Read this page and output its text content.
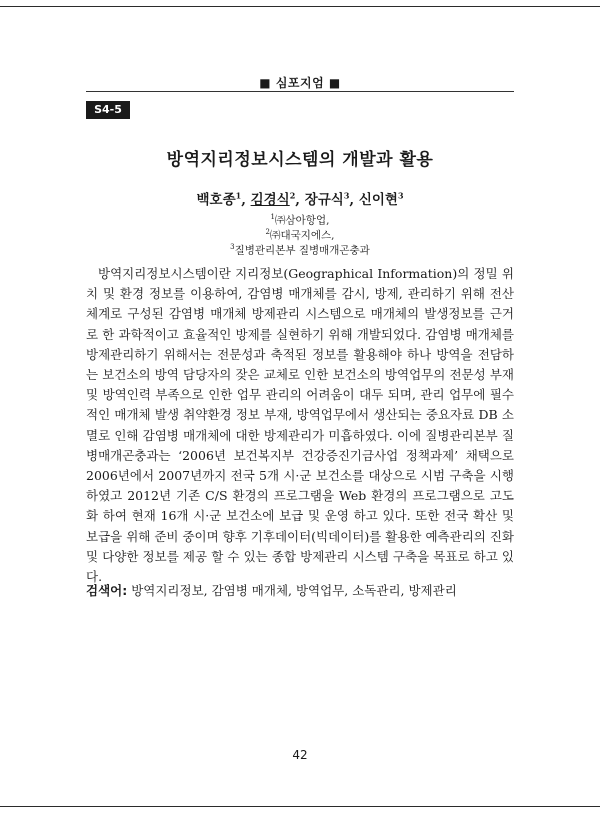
■ 심포지엄 ■
S4-5
방역지리정보시스템의 개발과 활용
백호종$^1$, 김경식$^2$, 장규식$^3$, 신이현$^3$
$^1$㈜삼아항업,
$^2$㈜대국지에스,
$^3$질병관리본부 질병매개곤충과
방역지리정보시스템이란 지리정보(Geographical Information)의 정밀 위치 및 환경 정보를 이용하여, 감염병 매개체를 감시, 방제, 관리하기 위해 전산체계로 구성된 감염병 매개체 방제관리 시스템으로 매개체의 발생정보를 근거로 한 과학적이고 효율적인 방제를 실현하기 위해 개발되었다. 감염병 매개체를 방제관리하기 위해서는 전문성과 축적된 정보를 활용해야 하나 방역을 전담하는 보건소의 방역 담당자의 잦은 교체로 인한 보건소의 방역업무의 전문성 부재 및 방역인력 부족으로 인한 업무 관리의 어려움이 대두 되며, 관리 업무에 필수적인 매개체 발생 취약환경 정보 부재, 방역업무에서 생산되는 중요자료 DB 소멸로 인해 감염병 매개체에 대한 방제관리가 미흡하였다. 이에 질병관리본부 질병매개곤충과는 ‘2006년 보건복지부 건강증진기금사업 정책과제’ 채택으로 2006년에서 2007년까지 전국 5개 시·군 보건소를 대상으로 시범 구축을 시행 하였고 2012년 기존 C/S 환경의 프로그램을 Web 환경의 프로그램으로 고도화 하여 현재 16개 시·군 보건소에 보급 및 운영 하고 있다. 또한 전국 확산 및 보급을 위해 준비 중이며 향후 기후데이터(빅데이터)를 활용한 예측관리의 진화 및 다양한 정보를 제공 할 수 있는 종합 방제관리 시스템 구축을 목표로 하고 있다.
검색어: 방역지리정보, 감염병 매개체, 방역업무, 소독관리, 방제관리
42
